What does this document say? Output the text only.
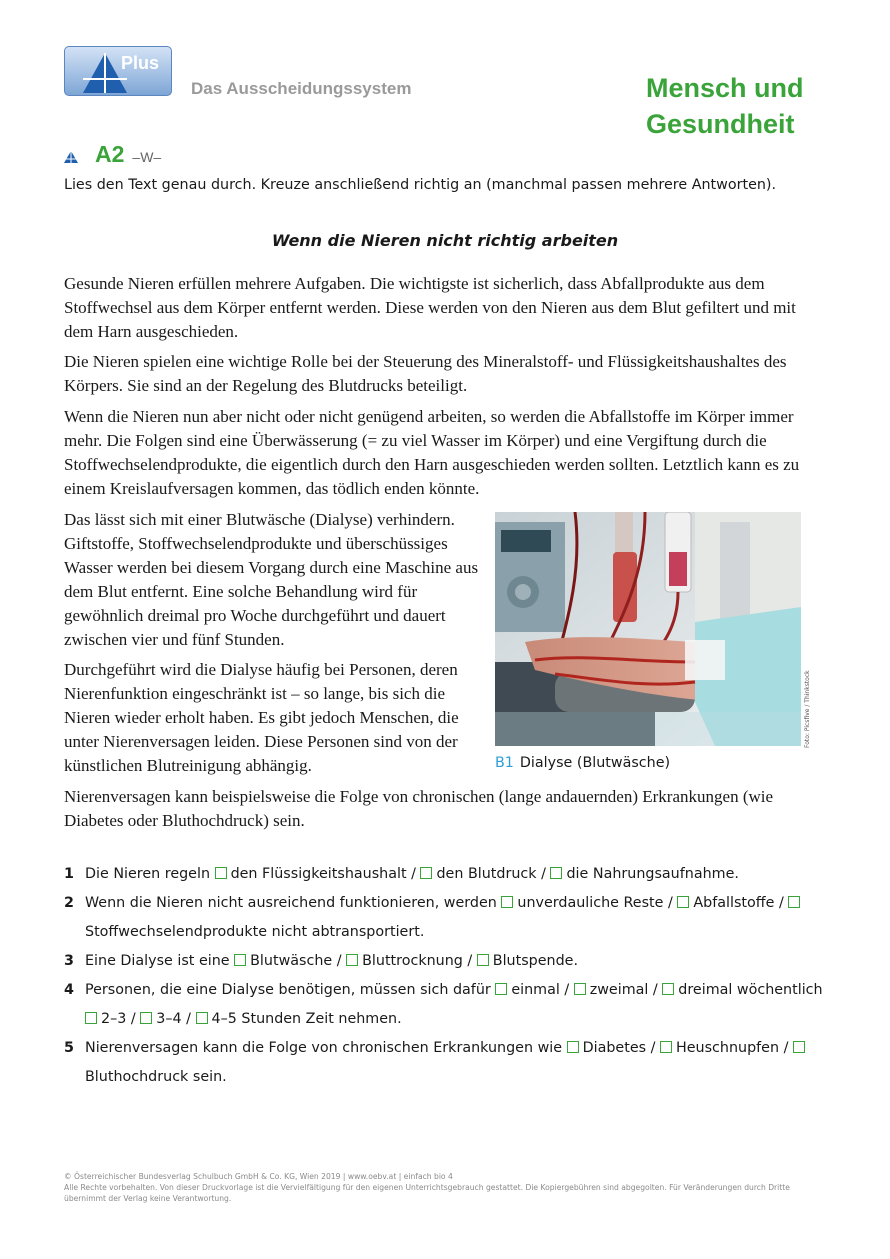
Plus
Das Ausscheidungssystem	Mensch und
Gesundheit
A2 –W–
Lies den Text genau durch. Kreuze anschließend richtig an (manchmal passen mehrere Antworten).
Wenn die Nieren nicht richtig arbeiten

Gesunde Nieren erfüllen mehrere Aufgaben. Die wichtigste ist sicherlich, dass Abfallprodukte aus dem Stoffwechsel aus dem Körper entfernt werden. Diese werden von den Nieren aus dem Blut gefiltert und mit dem Harn ausgeschieden.

Die Nieren spielen eine wichtige Rolle bei der Steuerung des Mineralstoff- und Flüssigkeitshaushaltes des Körpers. Sie sind an der Regelung des Blutdrucks beteiligt.

Wenn die Nieren nun aber nicht oder nicht genügend arbeiten, so werden die Abfallstoffe im Körper immer mehr. Die Folgen sind eine Überwässerung (= zu viel Wasser im Körper) und eine Vergiftung durch die Stoffwechselendprodukte, die eigentlich durch den Harn ausgeschieden werden sollten. Letztlich kann es zu einem Kreislaufversagen kommen, das tödlich enden könnte.

Das lässt sich mit einer Blutwäsche (Dialyse) verhindern. Giftstoffe, Stoffwechselendprodukte und überschüssiges Wasser werden bei diesem Vorgang durch eine Maschine aus dem Blut entfernt. Eine solche Behandlung wird für gewöhnlich dreimal pro Woche durchgeführt und dauert zwischen vier und fünf Stunden.

Durchgeführt wird die Dialyse häufig bei Personen, deren Nierenfunktion eingeschränkt ist – so lange, bis sich die Nieren wieder erholt haben. Es gibt jedoch Menschen, die unter Nierenversagen leiden. Diese Personen sind von der künstlichen Blutreinigung abhängig.

Nierenversagen kann beispielsweise die Folge von chronischen (lange andauernden) Erkrankungen (wie Diabetes oder Bluthochdruck) sein.

Foto: Picsfive / Thinkstock
B1 Dialyse (Blutwäsche)
1 Die Nieren regeln den Flüssigkeitshaushalt / den Blutdruck / die Nahrungsaufnahme.
2 Wenn die Nieren nicht ausreichend funktionieren, werden unverdauliche Reste / Abfallstoffe / Stoffwechselendprodukte nicht abtransportiert.
3 Eine Dialyse ist eine Blutwäsche / Bluttrocknung / Blutspende.
4 Personen, die eine Dialyse benötigen, müssen sich dafür einmal / zweimal / dreimal wöchentlich 2–3 / 3–4 / 4–5 Stunden Zeit nehmen.
5 Nierenversagen kann die Folge von chronischen Erkrankungen wie Diabetes / Heuschnupfen / Bluthochdruck sein.
© Österreichischer Bundesverlag Schulbuch GmbH & Co. KG, Wien 2019 | www.oebv.at | einfach bio 4
Alle Rechte vorbehalten. Von dieser Druckvorlage ist die Vervielfältigung für den eigenen Unterrichtsgebrauch gestattet. Die Kopiergebühren sind abgegolten. Für Veränderungen durch Dritte übernimmt der Verlag keine Verantwortung.
